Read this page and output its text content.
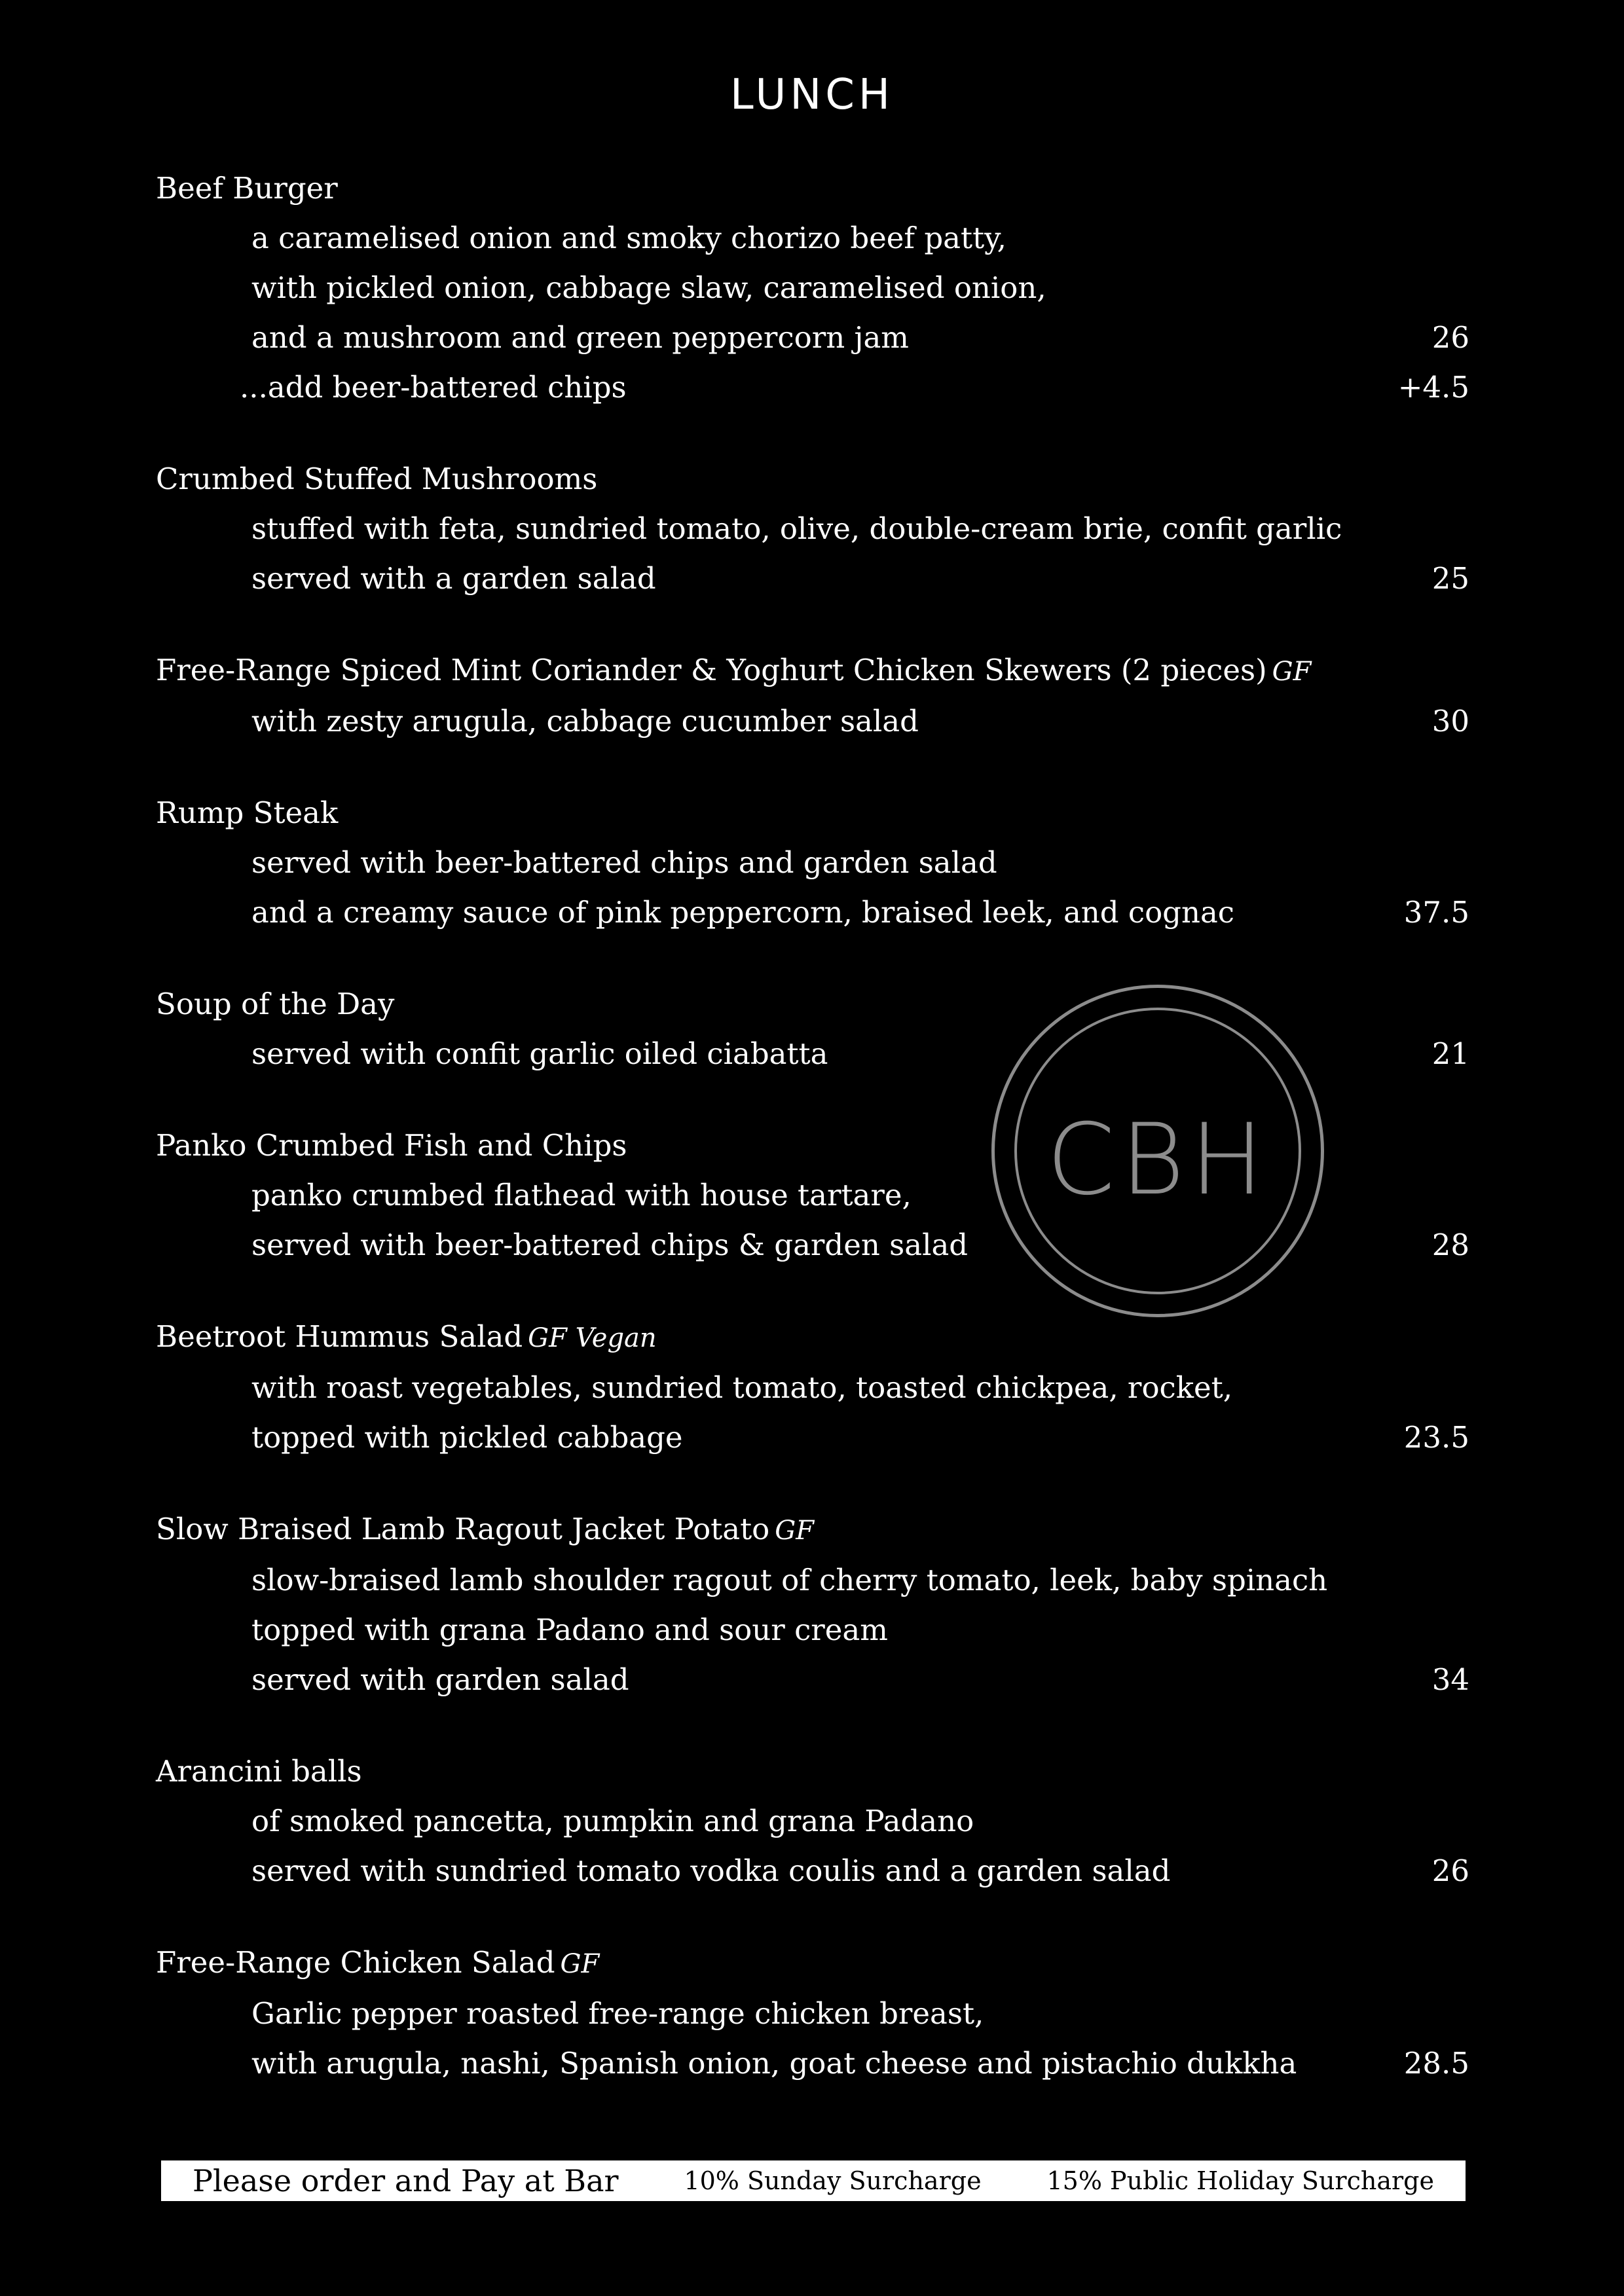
LUNCH
Beef Burger
a caramelised onion and smoky chorizo beef patty,
with pickled onion, cabbage slaw, caramelised onion,
and a mushroom and green peppercorn jam	26
...add beer-battered chips	+4.5
Crumbed Stuffed Mushrooms
stuffed with feta, sundried tomato, olive, double-cream brie, confit garlic
served with a garden salad	25
Free-Range Spiced Mint Coriander & Yoghurt Chicken Skewers (2 pieces) GF
with zesty arugula, cabbage cucumber salad	30
Rump Steak
served with beer-battered chips and garden salad
and a creamy sauce of pink peppercorn, braised leek, and cognac	37.5
Soup of the Day
served with confit garlic oiled ciabatta	21
Panko Crumbed Fish and Chips
panko crumbed flathead with house tartare,
served with beer-battered chips & garden salad	28
Beetroot Hummus Salad GF Vegan
with roast vegetables, sundried tomato, toasted chickpea, rocket,
topped with pickled cabbage	23.5
Slow Braised Lamb Ragout Jacket Potato GF
slow-braised lamb shoulder ragout of cherry tomato, leek, baby spinach
topped with grana Padano and sour cream
served with garden salad	34
Arancini balls
of smoked pancetta, pumpkin and grana Padano
served with sundried tomato vodka coulis and a garden salad	26
Free-Range Chicken Salad GF
Garlic pepper roasted free-range chicken breast,
with arugula, nashi, Spanish onion, goat cheese and pistachio dukkha	28.5
CBH
Please order and Pay at Bar	10% Sunday Surcharge	15% Public Holiday Surcharge
